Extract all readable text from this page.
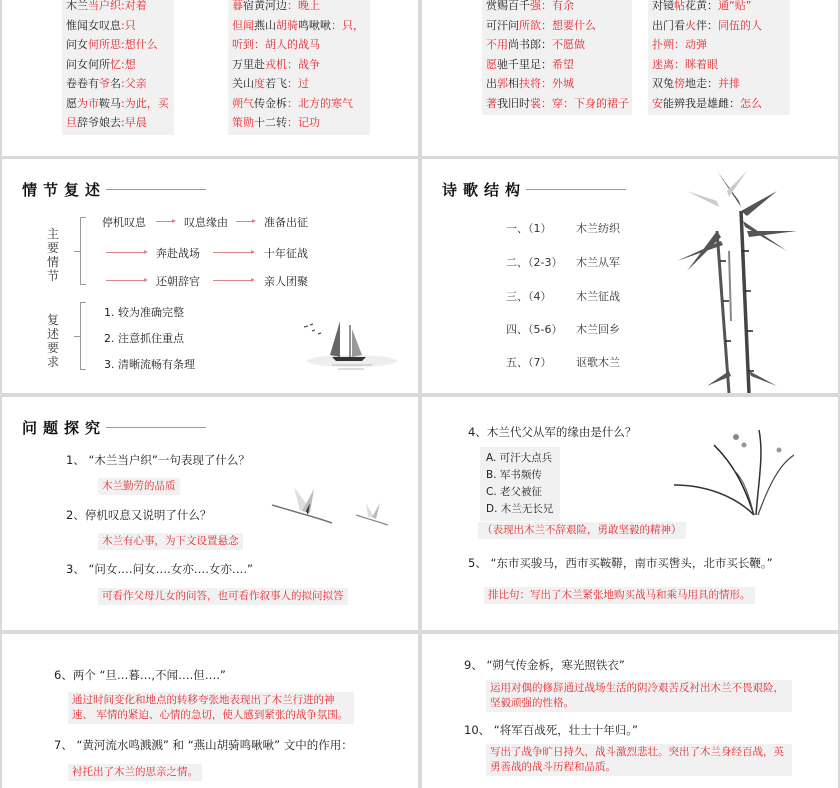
木兰当户织:对着
惟闻女叹息:只
问女何所思:想什么
问女何所忆:想
卷卷有爷名:父亲
愿为市鞍马:为此，买
旦辞爷娘去:早晨
暮宿黄河边：晚上
但闻燕山胡骑鸣啾啾：只，
听到：胡人的战马
万里赴戎机：战争
关山度若飞：过
朔气传金柝：北方的寒气
策勋十二转：记功
赏赐百千强：有余
可汗问所欲：想要什么
不用尚书郎：不愿做
愿驰千里足：希望
出郭相扶将：外城
著我旧时裳：穿：下身的裙子
对镜帖花黄：通“贴”
出门看火伴：同伍的人
扑朔：动弹
迷离：眯着眼
双兔傍地走：并排
安能辨我是雄雌：怎么
情节复述
主要情节
停机叹息	叹息缘由	准备出征
奔赴战场	十年征战
还朝辞官	亲人团聚
复述要求
1. 较为准确完整
2. 注意抓住重点
3. 清晰流畅有条理
诗歌结构
一、（1） 木兰纺织
二、（2-3） 木兰从军
三、（4） 木兰征战
四、（5-6） 木兰回乡
五、（7） 讴歌木兰
问题探究
1、 “木兰当户织”一句表现了什么？
木兰勤劳的品质
2、停机叹息又说明了什么？
木兰有心事，为下文设置悬念
3、 “问女….问女….女亦….女亦….”
可看作父母儿女的问答，也可看作叙事人的拟问拟答
4、木兰代父从军的缘由是什么？
A. 可汗大点兵
B. 军书频传
C. 老父被征
D. 木兰无长兄
（表现出木兰不辞艰险，勇敢坚毅的精神）
5、 “东市买骏马，西市买鞍鞯，南市买辔头，北市买长鞭。”
排比句：写出了木兰紧张地购买战马和乘马用具的情形。
6、两个 “旦…暮…,不闻….但….”
通过时间变化和地点的转移夸张地表现出了木兰行进的神速、 军情的紧迫、心情的急切，使人感到紧张的战争氛围。
7、 “黄河流水鸣溅溅” 和 “燕山胡骑鸣啾啾” 文中的作用：
衬托出了木兰的思亲之情。
9、 “朔气传金柝，寒光照铁衣”
运用对偶的修辞通过战场生活的阴冷艰苦反衬出木兰不畏艰险，坚毅顽强的性格。
10、 “将军百战死，壮士十年归。”
写出了战争旷日持久，战斗激烈悲壮。突出了木兰身经百战，英勇善战的战斗历程和品质。
